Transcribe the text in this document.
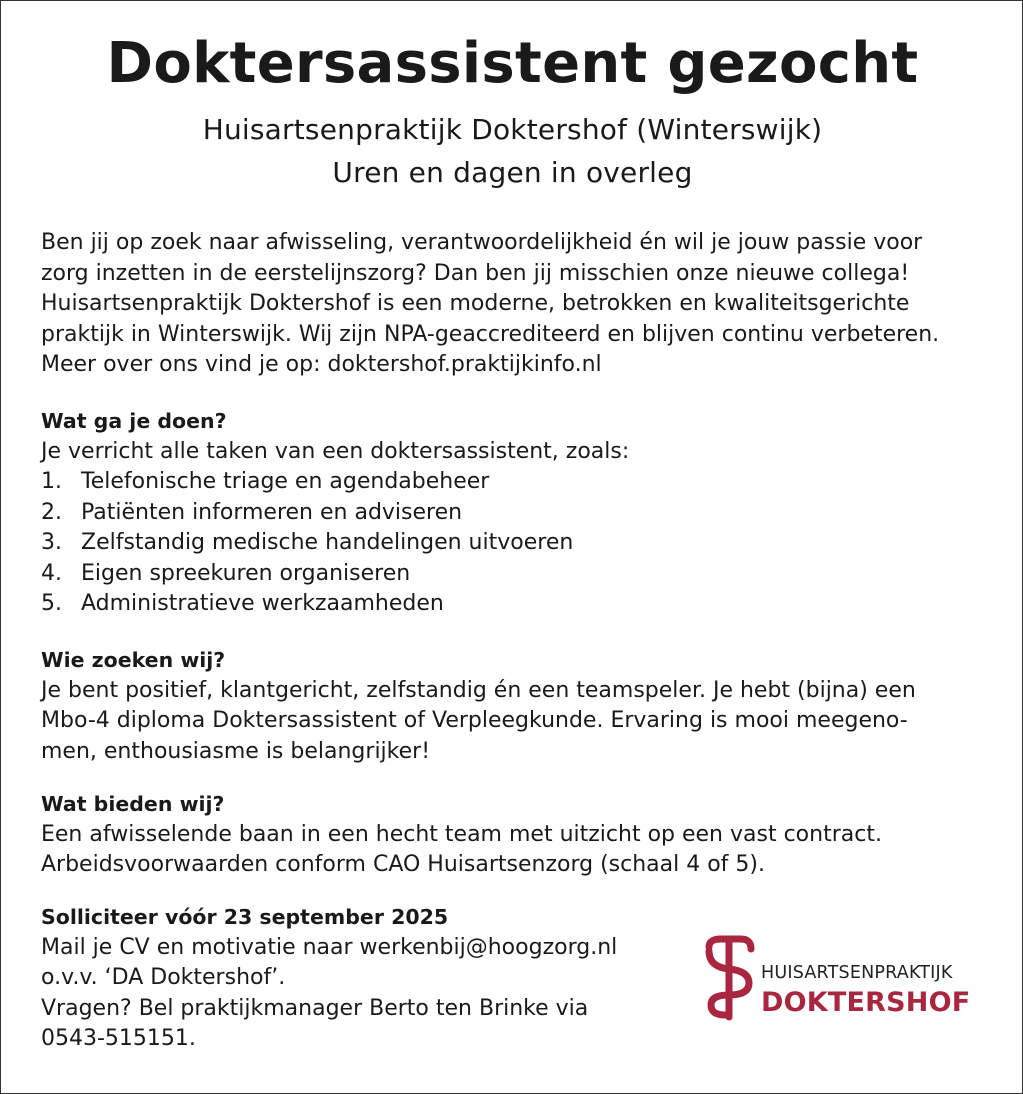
Doktersassistent gezocht
Huisartsenpraktijk Doktershof (Winterswijk)
Uren en dagen in overleg
Ben jij op zoek naar afwisseling, verantwoordelijkheid én wil je jouw passie voor
zorg inzetten in de eerstelijnszorg? Dan ben jij misschien onze nieuwe collega!
Huisartsenpraktijk Doktershof is een moderne, betrokken en kwaliteitsgerichte
praktijk in Winterswijk. Wij zijn NPA-geaccrediteerd en blijven continu verbeteren.
Meer over ons vind je op: doktershof.praktijkinfo.nl
Wat ga je doen?
Je verricht alle taken van een doktersassistent, zoals:
1. Telefonische triage en agendabeheer
2. Patiënten informeren en adviseren
3. Zelfstandig medische handelingen uitvoeren
4. Eigen spreekuren organiseren
5. Administratieve werkzaamheden
Wie zoeken wij?
Je bent positief, klantgericht, zelfstandig én een teamspeler. Je hebt (bijna) een
Mbo-4 diploma Doktersassistent of Verpleegkunde. Ervaring is mooi meegeno-
men, enthousiasme is belangrijker!
Wat bieden wij?
Een afwisselende baan in een hecht team met uitzicht op een vast contract.
Arbeidsvoorwaarden conform CAO Huisartsenzorg (schaal 4 of 5).
Solliciteer vóór 23 september 2025
Mail je CV en motivatie naar werkenbij@hoogzorg.nl
o.v.v. ‘DA Doktershof’.
Vragen? Bel praktijkmanager Berto ten Brinke via
0543-515151.
HUISARTSENPRAKTIJK
DOKTERSHOF
